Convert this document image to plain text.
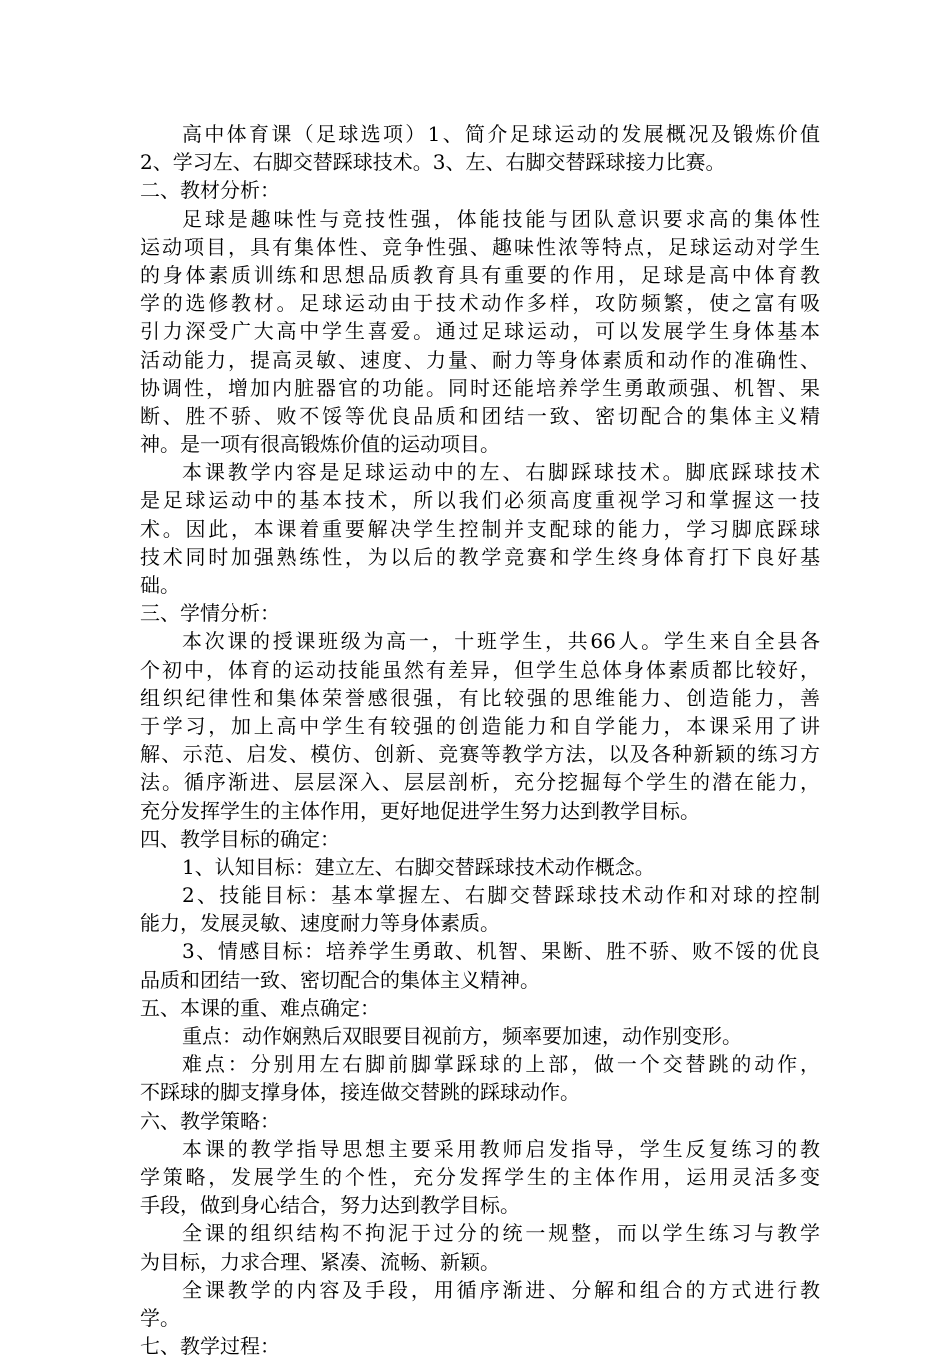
高中体育课（足球选项）1、简介足球运动的发展概况及锻炼价值
2、学习左、右脚交替踩球技术。3、左、右脚交替踩球接力比赛。
二、教材分析：
足球是趣味性与竞技性强，体能技能与团队意识要求高的集体性
运动项目，具有集体性、竞争性强、趣味性浓等特点，足球运动对学生
的身体素质训练和思想品质教育具有重要的作用，足球是高中体育教
学的选修教材。足球运动由于技术动作多样，攻防频繁，使之富有吸
引力深受广大高中学生喜爱。通过足球运动，可以发展学生身体基本
活动能力，提高灵敏、速度、力量、耐力等身体素质和动作的准确性、
协调性，增加内脏器官的功能。同时还能培养学生勇敢顽强、机智、果
断、胜不骄、败不馁等优良品质和团结一致、密切配合的集体主义精
神。是一项有很高锻炼价值的运动项目。
本课教学内容是足球运动中的左、右脚踩球技术。脚底踩球技术
是足球运动中的基本技术，所以我们必须高度重视学习和掌握这一技
术。因此，本课着重要解决学生控制并支配球的能力，学习脚底踩球
技术同时加强熟练性，为以后的教学竞赛和学生终身体育打下良好基
础。
三、学情分析：
本次课的授课班级为高一，十班学生，共66人。学生来自全县各
个初中，体育的运动技能虽然有差异，但学生总体身体素质都比较好，
组织纪律性和集体荣誉感很强，有比较强的思维能力、创造能力，善
于学习，加上高中学生有较强的创造能力和自学能力，本课采用了讲
解、示范、启发、模仿、创新、竞赛等教学方法，以及各种新颖的练习方
法。循序渐进、层层深入、层层剖析，充分挖掘每个学生的潜在能力，
充分发挥学生的主体作用，更好地促进学生努力达到教学目标。
四、教学目标的确定：
1、认知目标：建立左、右脚交替踩球技术动作概念。
2、技能目标：基本掌握左、右脚交替踩球技术动作和对球的控制
能力，发展灵敏、速度耐力等身体素质。
3、情感目标：培养学生勇敢、机智、果断、胜不骄、败不馁的优良
品质和团结一致、密切配合的集体主义精神。
五、本课的重、难点确定：
重点：动作娴熟后双眼要目视前方，频率要加速，动作别变形。
难点：分别用左右脚前脚掌踩球的上部，做一个交替跳的动作，
不踩球的脚支撑身体，接连做交替跳的踩球动作。
六、教学策略：
本课的教学指导思想主要采用教师启发指导，学生反复练习的教
学策略，发展学生的个性，充分发挥学生的主体作用，运用灵活多变
手段，做到身心结合，努力达到教学目标。
全课的组织结构不拘泥于过分的统一规整，而以学生练习与教学
为目标，力求合理、紧凑、流畅、新颖。
全课教学的内容及手段，用循序渐进、分解和组合的方式进行教
学。
七、教学过程：
